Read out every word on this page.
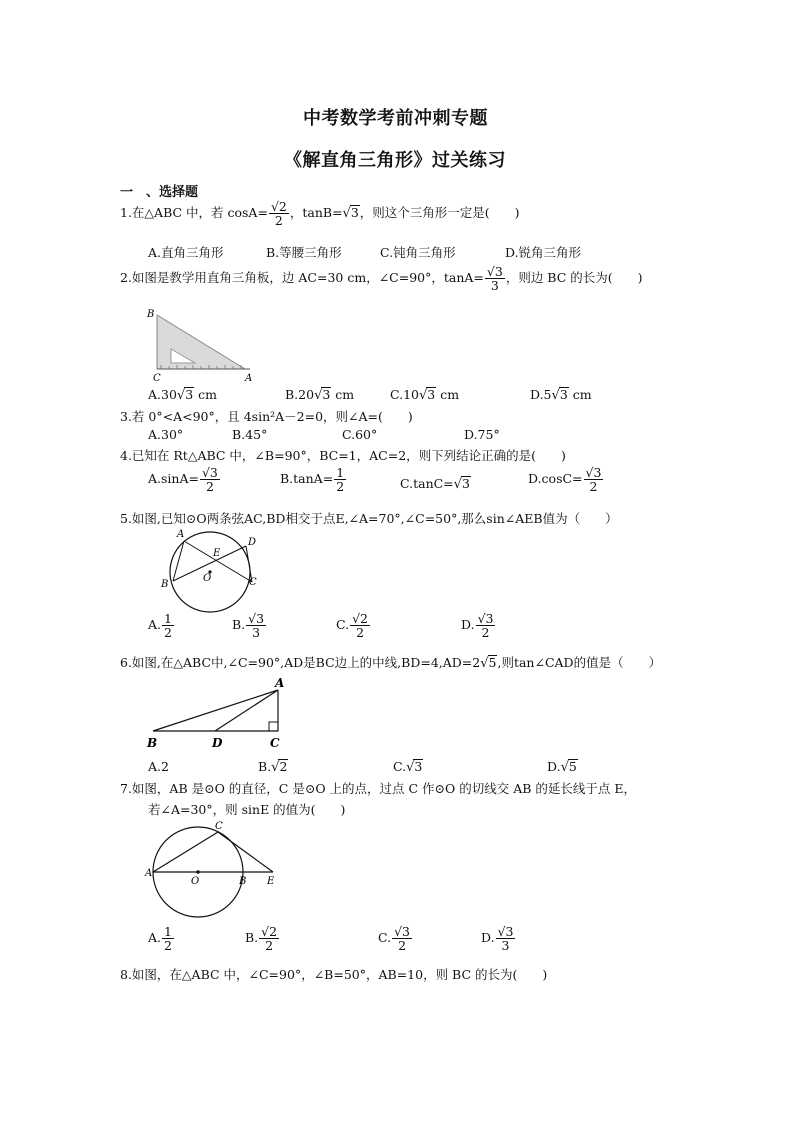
中考数学考前冲刺专题
《解直角三角形》过关练习
一　、选择题
1.在△ABC 中，若 $\cos A= \frac{√2}{2}$ ，tanB=√3，则这个三角形一定是(　　)
A.直角三角形	B.等腰三角形	C.钝角三角形	D.锐角三角形
2.如图是教学用直角三角板，边 AC=30 cm，∠C=90°，$\tan A= \frac{√3}{3}$ ，则边 BC 的长为(　　)
B
C	A
A.30√3 cm	B.20√3 cm	C.10√3 cm	D.5√3 cm
3.若 0°<A<90°，且 4sin²A－2=0，则∠A=(　　)
A.30°	B.45°	C.60°	D.75°
4.已知在 Rt△ABC 中，∠B=90°，BC=1，AC=2，则下列结论正确的是(　　)
$A.\sin A= \frac{√3}{2}$	$B.\tan A= \frac{1}{2}$	C.tanC=√3	$D.\cos C= \frac{√3}{2}$
5.如图,已知⊙O两条弦AC,BD相交于点E,∠A=70°,∠C=50°,那么sin∠AEB值为（　　）
A
B	C
D
E
O
A. $\frac{1}{2}$	B. $\frac{√3}{3}$	C. $\frac{√2}{2}$	D. $\frac{√3}{2}$
6.如图,在△ABC中,∠C=90°,AD是BC边上的中线,BD=4,AD=2√5,则tan∠CAD的值是（　　）
A
B	D	C
A.2	B.√2	C.√3	D.√5
7.如图，AB 是⊙O 的直径，C 是⊙O 上的点，过点 C 作⊙O 的切线交 AB 的延长线于点 E，
若∠A=30°，则 sinE 的值为(　　)
A
O	B E
C
A. $\frac{1}{2}$	B. $\frac{√2}{2}$	C. $\frac{√3}{2}$	D. $\frac{√3}{3}$
8.如图，在△ABC 中，∠C=90°，∠B=50°，AB=10，则 BC 的长为(　　)
